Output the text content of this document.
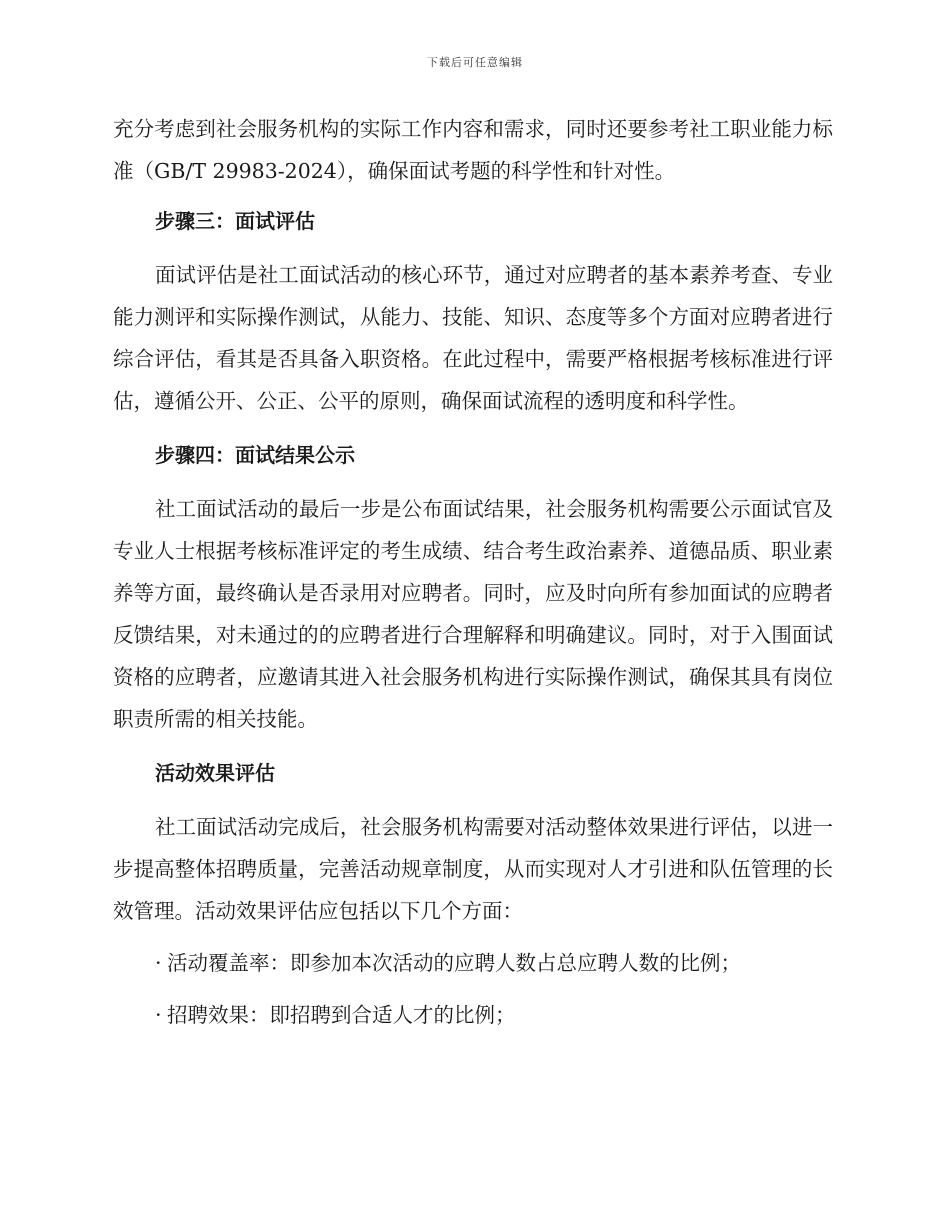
下载后可任意编辑

充分考虑到社会服务机构的实际工作内容和需求，同时还要参考社工职业能力标准（GB/T 29983-2024），确保面试考题的科学性和针对性。

步骤三：面试评估

面试评估是社工面试活动的核心环节，通过对应聘者的基本素养考查、专业能力测评和实际操作测试，从能力、技能、知识、态度等多个方面对应聘者进行综合评估，看其是否具备入职资格。在此过程中，需要严格根据考核标准进行评估，遵循公开、公正、公平的原则，确保面试流程的透明度和科学性。

步骤四：面试结果公示

社工面试活动的最后一步是公布面试结果，社会服务机构需要公示面试官及专业人士根据考核标准评定的考生成绩、结合考生政治素养、道德品质、职业素养等方面，最终确认是否录用对应聘者。同时，应及时向所有参加面试的应聘者反馈结果，对未通过的的应聘者进行合理解释和明确建议。同时，对于入围面试资格的应聘者，应邀请其进入社会服务机构进行实际操作测试，确保其具有岗位职责所需的相关技能。

活动效果评估

社工面试活动完成后，社会服务机构需要对活动整体效果进行评估，以进一步提高整体招聘质量，完善活动规章制度，从而实现对人才引进和队伍管理的长效管理。活动效果评估应包括以下几个方面：

· 活动覆盖率：即参加本次活动的应聘人数占总应聘人数的比例；
· 招聘效果：即招聘到合适人才的比例；
